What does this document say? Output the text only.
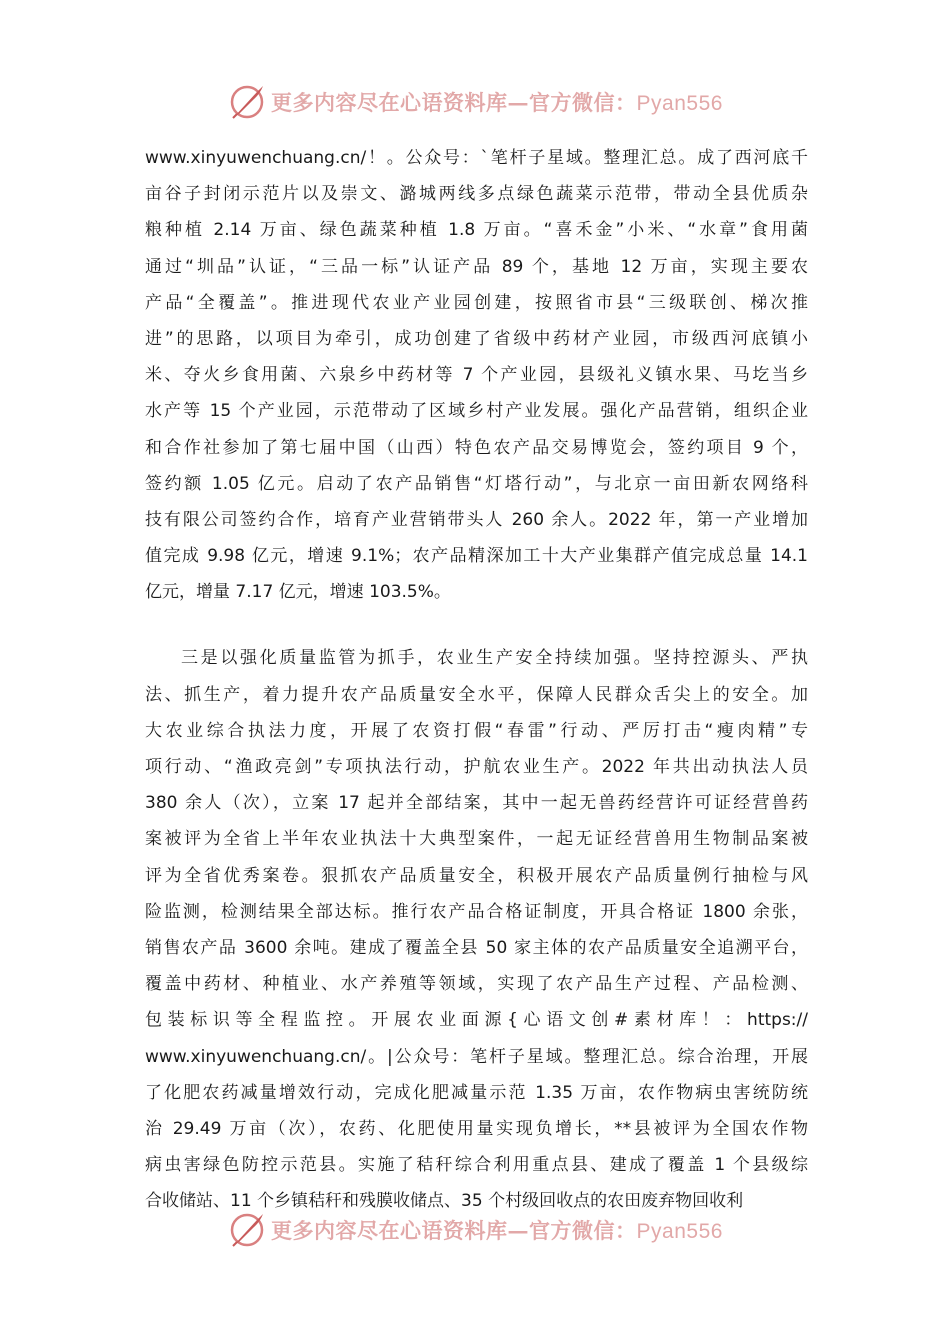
更多内容尽在心语资料库—官方微信：Pyan556
www.xinyuwenchuang.cn/！。公众号：`笔杆子星域。整理汇总。成了西河底千
亩谷子封闭示范片以及崇文、潞城两线多点绿色蔬菜示范带，带动全县优质杂
粮种植 2.14 万亩、绿色蔬菜种植 1.8 万亩。“喜禾金”小米、“水章”食用菌
通过“圳品”认证，“三品一标”认证产品 89 个，基地 12 万亩，实现主要农
产品“全覆盖”。推进现代农业产业园创建，按照省市县“三级联创、梯次推
进”的思路，以项目为牵引，成功创建了省级中药材产业园，市级西河底镇小
米、夺火乡食用菌、六泉乡中药材等 7 个产业园，县级礼义镇水果、马圪当乡
水产等 15 个产业园，示范带动了区域乡村产业发展。强化产品营销，组织企业
和合作社参加了第七届中国（山西）特色农产品交易博览会，签约项目 9 个，
签约额 1.05 亿元。启动了农产品销售“灯塔行动”，与北京一亩田新农网络科
技有限公司签约合作，培育产业营销带头人 260 余人。2022 年，第一产业增加
值完成 9.98 亿元，增速 9.1%；农产品精深加工十大产业集群产值完成总量 14.1
亿元，增量 7.17 亿元，增速 103.5%。
三是以强化质量监管为抓手，农业生产安全持续加强。坚持控源头、严执
法、抓生产，着力提升农产品质量安全水平，保障人民群众舌尖上的安全。加
大农业综合执法力度，开展了农资打假“春雷”行动、严厉打击“瘦肉精”专
项行动、“渔政亮剑”专项执法行动，护航农业生产。2022 年共出动执法人员
380 余人（次），立案 17 起并全部结案，其中一起无兽药经营许可证经营兽药
案被评为全省上半年农业执法十大典型案件，一起无证经营兽用生物制品案被
评为全省优秀案卷。狠抓农产品质量安全，积极开展农产品质量例行抽检与风
险监测，检测结果全部达标。推行农产品合格证制度，开具合格证 1800 余张，
销售农产品 3600 余吨。建成了覆盖全县 50 家主体的农产品质量安全追溯平台，
覆盖中药材、种植业、水产养殖等领域，实现了农产品生产过程、产品检测、
包装标识等全程监控。开展农业面源{心语文创#素材库！：https://
www.xinyuwenchuang.cn/。|公众号：笔杆子星域。整理汇总。综合治理，开展
了化肥农药减量增效行动，完成化肥减量示范 1.35 万亩，农作物病虫害统防统
治 29.49 万亩（次），农药、化肥使用量实现负增长，**县被评为全国农作物
病虫害绿色防控示范县。实施了秸秆综合利用重点县、建成了覆盖 1 个县级综
合收储站、11 个乡镇秸秆和残膜收储点、35 个村级回收点的农田废弃物回收利
更多内容尽在心语资料库—官方微信：Pyan556
